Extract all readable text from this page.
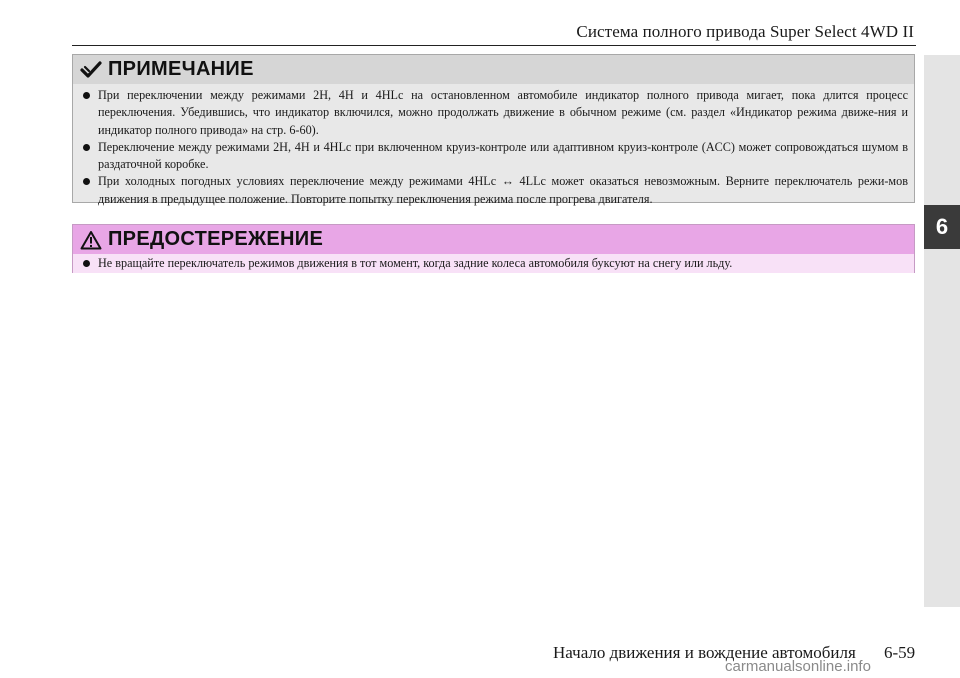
Система полного привода Super Select 4WD II
6
ПРИМЕЧАНИЕ
При переключении между режимами 2H, 4H и 4HLc на остановленном автомобиле индикатор полного привода мигает, пока длится процесс переключения. Убедившись, что индикатор включился, можно продолжать движение в обычном режиме (см. раздел «Индикатор режима движе-ния и индикатор полного привода» на стр. 6-60).
Переключение между режимами 2H, 4H и 4HLc при включенном круиз-контроле или адаптивном круиз-контроле (ACC) может сопровождаться шумом в раздаточной коробке.
При холодных погодных условиях переключение между режимами 4HLc ↔ 4LLc может оказаться невозможным. Верните переключатель режи-мов движения в предыдущее положение. Повторите попытку переключения режима после прогрева двигателя.
ПРЕДОСТЕРЕЖЕНИЕ
Не вращайте переключатель режимов движения в тот момент, когда задние колеса автомобиля буксуют на снегу или льду.
Начало движения и вождение автомобиля 6-59
carmanualsonline.info
